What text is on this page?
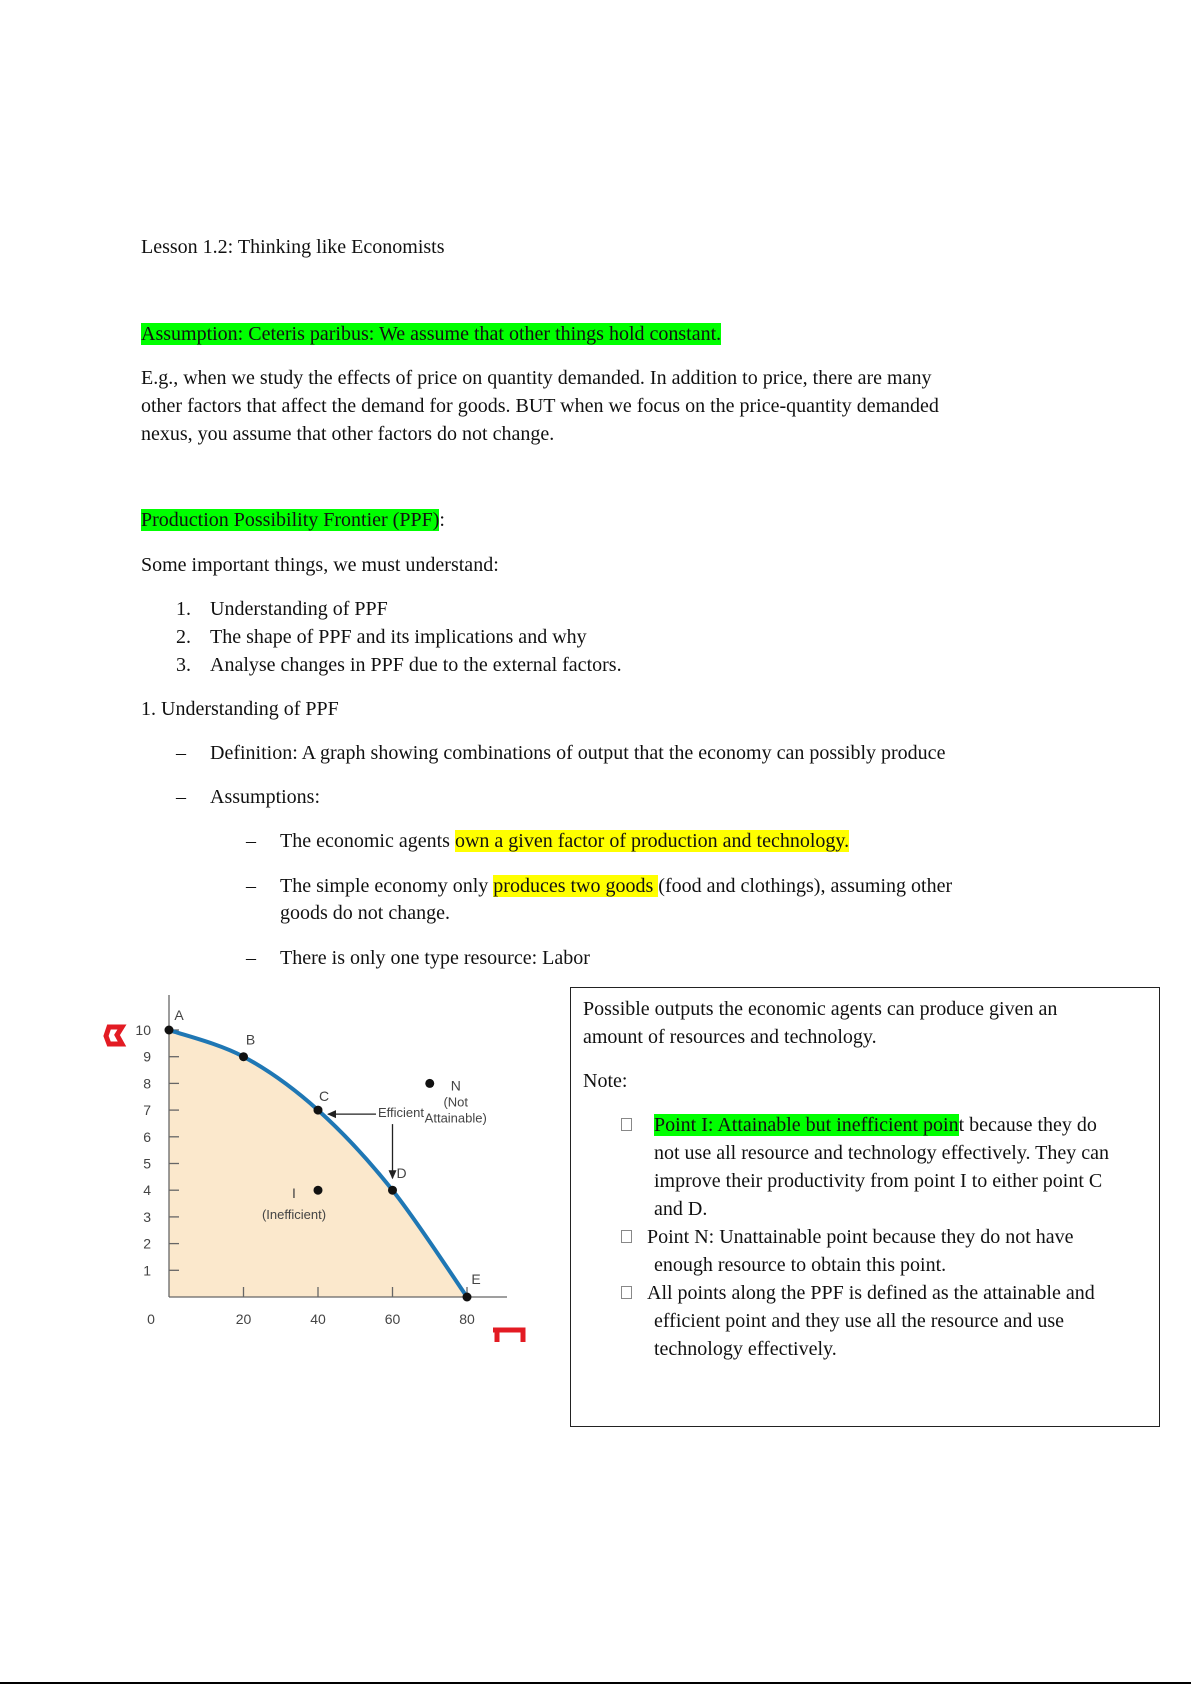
Lesson 1.2: Thinking like Economists
Assumption: Ceteris paribus: We assume that other things hold constant.
E.g., when we study the effects of price on quantity demanded. In addition to price, there are many
other factors that affect the demand for goods. BUT when we focus on the price-quantity demanded
nexus, you assume that other factors do not change.
Production Possibility Frontier (PPF):
Some important things, we must understand:
1. Understanding of PPF
2. The shape of PPF and its implications and why
3. Analyse changes in PPF due to the external factors.
1. Understanding of PPF
– Definition: A graph showing combinations of output that the economy can possibly produce
– Assumptions:
– The economic agents own a given factor of production and technology.
– The simple economy only produces two goods (food and clothings), assuming other
goods do not change.
– There is only one type resource: Labor
10
9
8
7
6
5
4
3
2
1
0	20	40	60	80
A
B
C
D
E
I
(Inefficient)
N
(Not
Attainable)
Efficient
Possible outputs the economic agents can produce given an
amount of resources and technology.
Note:
Point I: Attainable but inefficient point because they do
not use all resource and technology effectively. They can
improve their productivity from point I to either point C
and D.
Point N: Unattainable point because they do not have
enough resource to obtain this point.
All points along the PPF is defined as the attainable and
efficient point and they use all the resource and use
technology effectively.
